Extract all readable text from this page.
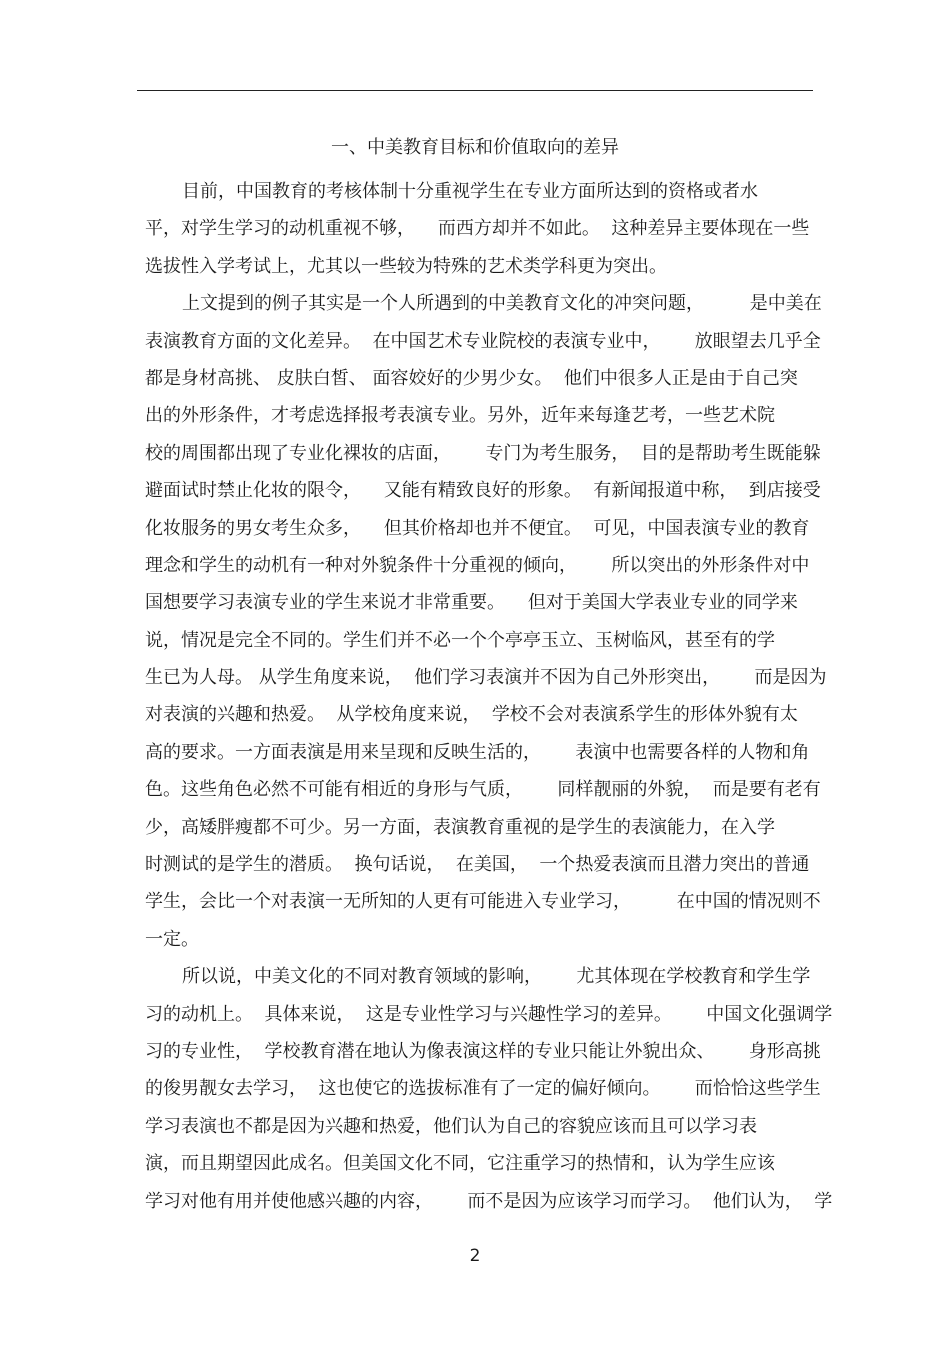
一、中美教育目标和价值取向的差异
目前，中国教育的考核体制十分重视学生在专业方面所达到的资格或者水
平，对学生学习的动机重视不够，    而西方却并不如此。  这种差异主要体现在一些
选拔性入学考试上，尤其以一些较为特殊的艺术类学科更为突出。
上文提到的例子其实是一个人所遇到的中美教育文化的冲突问题，        是中美在
表演教育方面的文化差异。  在中国艺术专业院校的表演专业中，      放眼望去几乎全
都是身材高挑、 皮肤白皙、 面容姣好的少男少女。  他们中很多人正是由于自己突
出的外形条件，才考虑选择报考表演专业。另外，近年来每逢艺考，一些艺术院
校的周围都出现了专业化裸妆的店面，      专门为考生服务，  目的是帮助考生既能躲
避面试时禁止化妆的限令，    又能有精致良好的形象。  有新闻报道中称，  到店接受
化妆服务的男女考生众多，    但其价格却也并不便宜。  可见，中国表演专业的教育
理念和学生的动机有一种对外貌条件十分重视的倾向，      所以突出的外形条件对中
国想要学习表演专业的学生来说才非常重要。    但对于美国大学表业专业的同学来
说，情况是完全不同的。学生们并不必一个个亭亭玉立、玉树临风，甚至有的学
生已为人母。 从学生角度来说，  他们学习表演并不因为自己外形突出，      而是因为
对表演的兴趣和热爱。  从学校角度来说，  学校不会对表演系学生的形体外貌有太
高的要求。一方面表演是用来呈现和反映生活的，      表演中也需要各样的人物和角
色。这些角色必然不可能有相近的身形与气质，      同样靓丽的外貌，  而是要有老有
少，高矮胖瘦都不可少。另一方面，表演教育重视的是学生的表演能力，在入学
时测试的是学生的潜质。  换句话说，  在美国，  一个热爱表演而且潜力突出的普通
学生，会比一个对表演一无所知的人更有可能进入专业学习，        在中国的情况则不
一定。
所以说，中美文化的不同对教育领域的影响，      尤其体现在学校教育和学生学
习的动机上。  具体来说，  这是专业性学习与兴趣性学习的差异。      中国文化强调学
习的专业性，  学校教育潜在地认为像表演这样的专业只能让外貌出众、      身形高挑
的俊男靓女去学习，  这也使它的选拔标准有了一定的偏好倾向。      而恰恰这些学生
学习表演也不都是因为兴趣和热爱，他们认为自己的容貌应该而且可以学习表
演，而且期望因此成名。但美国文化不同，它注重学习的热情和，认为学生应该
学习对他有用并使他感兴趣的内容，      而不是因为应该学习而学习。  他们认为，  学
2
